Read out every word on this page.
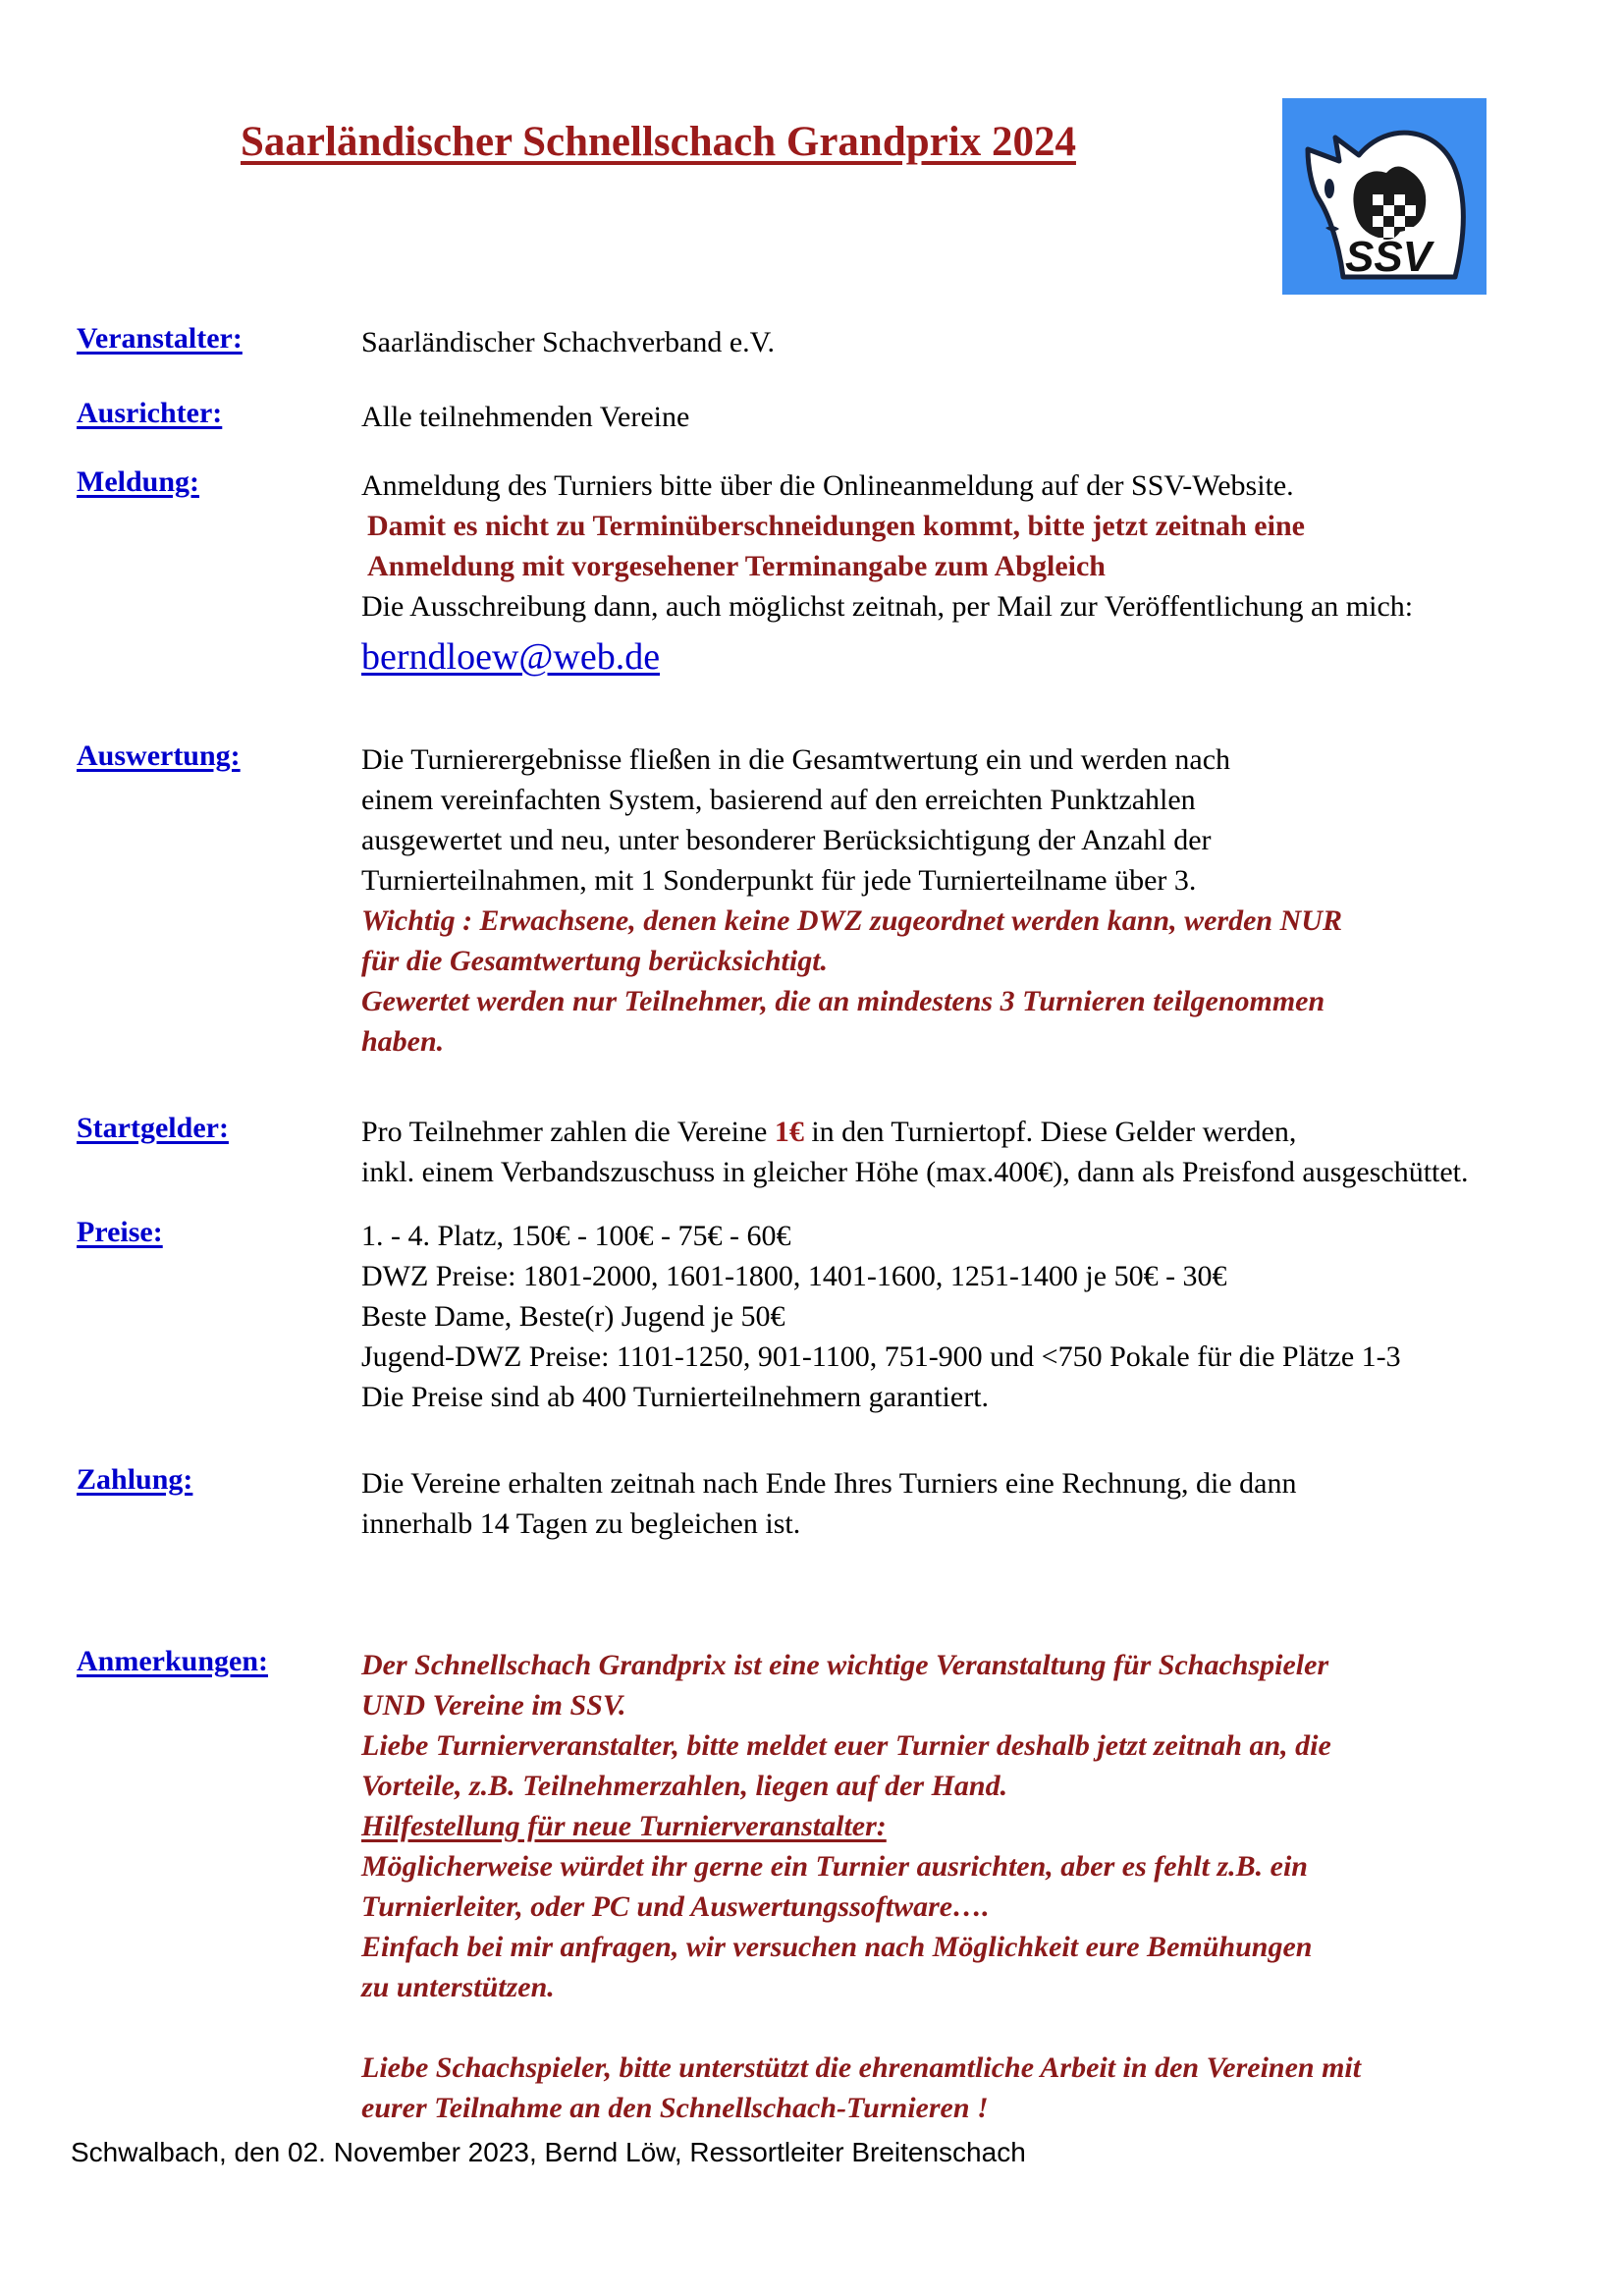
Saarländischer Schnellschach Grandprix 2024
SSV
Veranstalter:	Saarländischer Schachverband e.V.
Ausrichter:	Alle teilnehmenden Vereine
Meldung:	Anmeldung des Turniers bitte über die Onlineanmeldung auf der SSV-Website.
Damit es nicht zu Terminüberschneidungen kommt, bitte jetzt zeitnah eine
Anmeldung mit vorgesehener Terminangabe zum Abgleich
Die Ausschreibung dann, auch möglichst zeitnah, per Mail zur Veröffentlichung an mich:
berndloew@web.de
Auswertung:	Die Turnierergebnisse fließen in die Gesamtwertung ein und werden nach
einem vereinfachten System, basierend auf den erreichten Punktzahlen
ausgewertet und neu, unter besonderer Berücksichtigung der Anzahl der
Turnierteilnahmen, mit 1 Sonderpunkt für jede Turnierteilname über 3.
Wichtig : Erwachsene, denen keine DWZ zugeordnet werden kann, werden NUR
für die Gesamtwertung berücksichtigt.
Gewertet werden nur Teilnehmer, die an mindestens 3 Turnieren teilgenommen
haben.
Startgelder:	Pro Teilnehmer zahlen die Vereine 1€ in den Turniertopf. Diese Gelder werden,
inkl. einem Verbandszuschuss in gleicher Höhe (max.400€), dann als Preisfond ausgeschüttet.
Preise:	1. - 4. Platz, 150€ - 100€ - 75€ - 60€
DWZ Preise: 1801-2000, 1601-1800, 1401-1600, 1251-1400 je 50€ - 30€
Beste Dame, Beste(r) Jugend je 50€
Jugend-DWZ Preise: 1101-1250, 901-1100, 751-900 und <750 Pokale für die Plätze 1-3
Die Preise sind ab 400 Turnierteilnehmern garantiert.
Zahlung:	Die Vereine erhalten zeitnah nach Ende Ihres Turniers eine Rechnung, die dann
innerhalb 14 Tagen zu begleichen ist.
Anmerkungen:	Der Schnellschach Grandprix ist eine wichtige Veranstaltung für Schachspieler
UND Vereine im SSV.
Liebe Turnierveranstalter, bitte meldet euer Turnier deshalb jetzt zeitnah an, die
Vorteile, z.B. Teilnehmerzahlen, liegen auf der Hand.
Hilfestellung für neue Turnierveranstalter:
Möglicherweise würdet ihr gerne ein Turnier ausrichten, aber es fehlt z.B. ein
Turnierleiter, oder PC und Auswertungssoftware….
Einfach bei mir anfragen, wir versuchen nach Möglichkeit eure Bemühungen
zu unterstützen.

Liebe Schachspieler, bitte unterstützt die ehrenamtliche Arbeit in den Vereinen mit
eurer Teilnahme an den Schnellschach-Turnieren !
Schwalbach, den 02. November 2023, Bernd Löw, Ressortleiter Breitenschach
